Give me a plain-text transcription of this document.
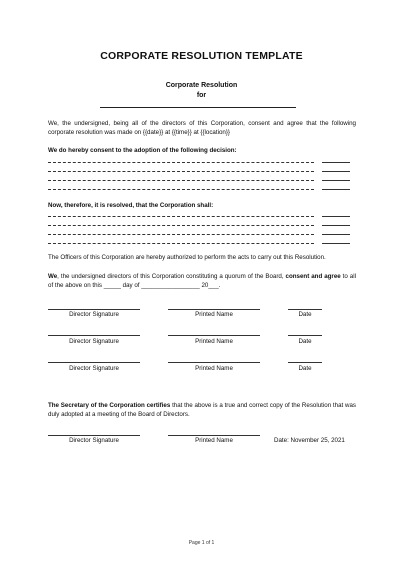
CORPORATE RESOLUTION TEMPLATE
Corporate Resolution
for
We, the undersigned, being all of the directors of this Corporation, consent and agree that the following corporate resolution was made on {{date}} at {{time}} at {{location}}
We do hereby consent to the adoption of the following decision:
Now, therefore, it is resolved, that the Corporation shall:
The Officers of this Corporation are hereby authorized to perform the acts to carry out this Resolution.
We, the undersigned directors of this Corporation constituting a quorum of the Board, consent and agree to all of the above on this _____ day of _________________ 20___.
Director Signature	Printed Name	Date
Director Signature	Printed Name	Date
Director Signature	Printed Name	Date
The Secretary of the Corporation certifies that the above is a true and correct copy of the Resolution that was duly adopted at a meeting of the Board of Directors.
Director Signature	Printed Name	Date: November 25, 2021
Page 1 of 1
